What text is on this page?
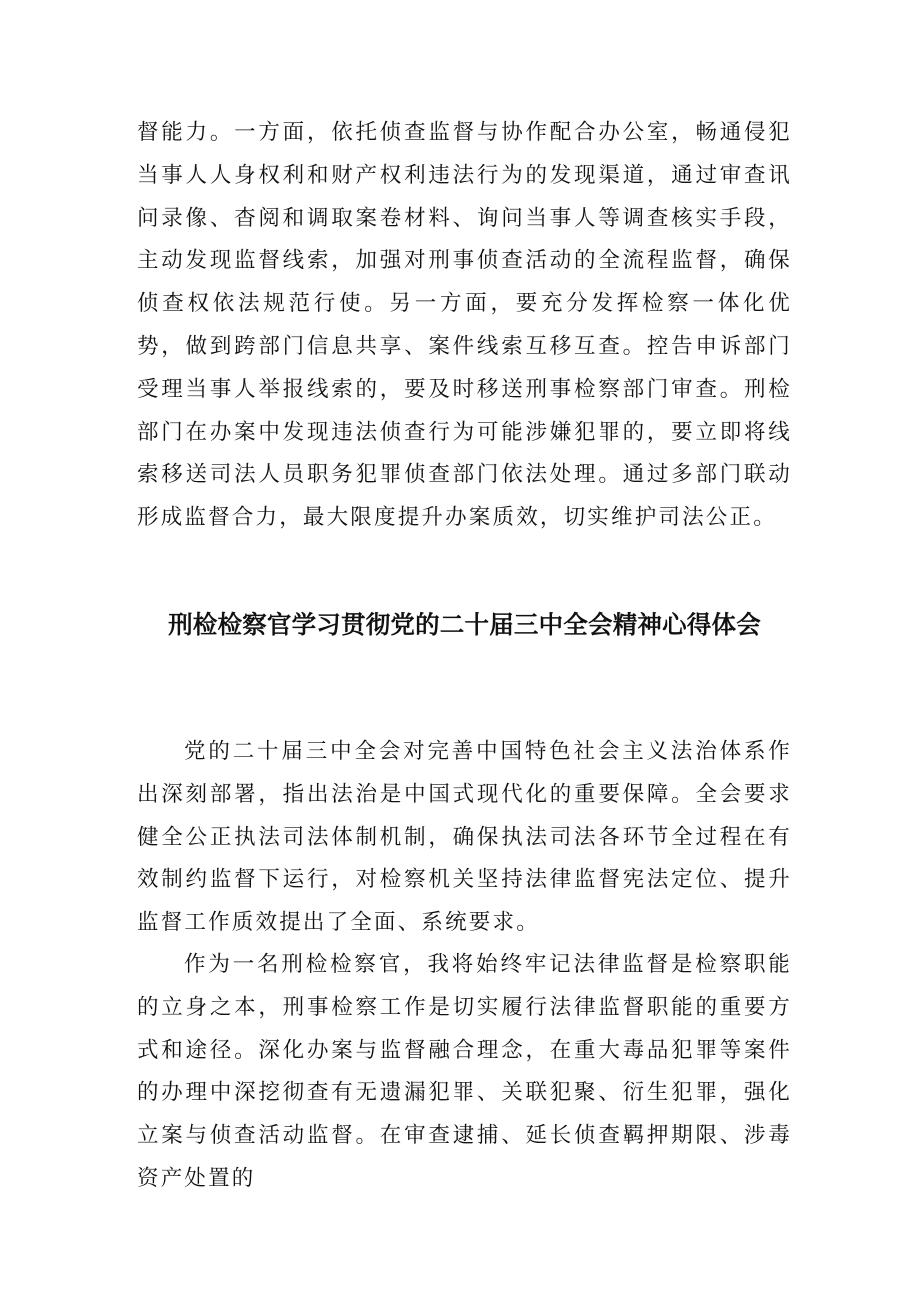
督能力。一方面，依托侦查监督与协作配合办公室，畅通侵犯当事人人身权利和财产权利违法行为的发现渠道，通过审查讯问录像、杳阅和调取案卷材料、询问当事人等调查核实手段，主动发现监督线索，加强对刑事侦查活动的全流程监督，确保侦查权依法规范行使。另一方面，要充分发挥检察一体化优势，做到跨部门信息共享、案件线索互移互查。控告申诉部门受理当事人举报线索的，要及时移送刑事检察部门审查。刑检部门在办案中发现违法侦查行为可能涉嫌犯罪的，要立即将线索移送司法人员职务犯罪侦查部门依法处理。通过多部门联动形成监督合力，最大限度提升办案质效，切实维护司法公正。

刑检检察官学习贯彻党的二十届三中全会精神心得体会

党的二十届三中全会对完善中国特色社会主义法治体系作出深刻部署，指出法治是中国式现代化的重要保障。全会要求健全公正执法司法体制机制，确保执法司法各环节全过程在有效制约监督下运行，对检察机关坚持法律监督宪法定位、提升监督工作质效提出了全面、系统要求。

作为一名刑检检察官，我将始终牢记法律监督是检察职能的立身之本，刑事检察工作是切实履行法律监督职能的重要方式和途径。深化办案与监督融合理念，在重大毒品犯罪等案件的办理中深挖彻查有无遗漏犯罪、关联犯聚、衍生犯罪，强化立案与侦查活动监督。在审查逮捕、延长侦查羁押期限、涉毒资产处置的
